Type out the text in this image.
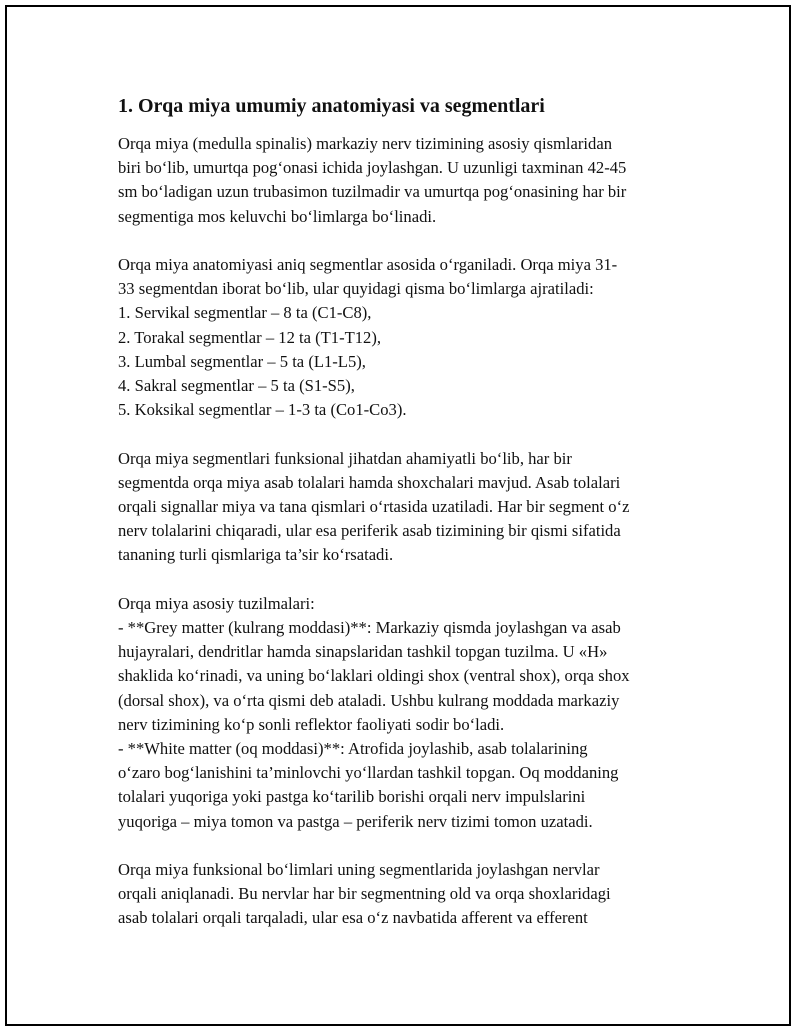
1. Orqa miya umumiy anatomiyasi va segmentlari
Orqa miya (medulla spinalis) markaziy nerv tizimining asosiy qismlaridan
biri bo‘lib, umurtqa pog‘onasi ichida joylashgan. U uzunligi taxminan 42-45
sm bo‘ladigan uzun trubasimon tuzilmadir va umurtqa pog‘onasining har bir
segmentiga mos keluvchi bo‘limlarga bo‘linadi.
Orqa miya anatomiyasi aniq segmentlar asosida o‘rganiladi. Orqa miya 31-
33 segmentdan iborat bo‘lib, ular quyidagi qisma bo‘limlarga ajratiladi:
1. Servikal segmentlar – 8 ta (C1-C8),
2. Torakal segmentlar – 12 ta (T1-T12),
3. Lumbal segmentlar – 5 ta (L1-L5),
4. Sakral segmentlar – 5 ta (S1-S5),
5. Koksikal segmentlar – 1-3 ta (Co1-Co3).
Orqa miya segmentlari funksional jihatdan ahamiyatli bo‘lib, har bir
segmentda orqa miya asab tolalari hamda shoxchalari mavjud. Asab tolalari
orqali signallar miya va tana qismlari o‘rtasida uzatiladi. Har bir segment o‘z
nerv tolalarini chiqaradi, ular esa periferik asab tizimining bir qismi sifatida
tananing turli qismlariga ta’sir ko‘rsatadi.
Orqa miya asosiy tuzilmalari:
- **Grey matter (kulrang moddasi)**: Markaziy qismda joylashgan va asab
hujayralari, dendritlar hamda sinapslaridan tashkil topgan tuzilma. U «H»
shaklida ko‘rinadi, va uning bo‘laklari oldingi shox (ventral shox), orqa shox
(dorsal shox), va o‘rta qismi deb ataladi. Ushbu kulrang moddada markaziy
nerv tizimining ko‘p sonli reflektor faoliyati sodir bo‘ladi.
- **White matter (oq moddasi)**: Atrofida joylashib, asab tolalarining
o‘zaro bog‘lanishini ta’minlovchi yo‘llardan tashkil topgan. Oq moddaning
tolalari yuqoriga yoki pastga ko‘tarilib borishi orqali nerv impulslarini
yuqoriga – miya tomon va pastga – periferik nerv tizimi tomon uzatadi.
Orqa miya funksional bo‘limlari uning segmentlarida joylashgan nervlar
orqali aniqlanadi. Bu nervlar har bir segmentning old va orqa shoxlaridagi
asab tolalari orqali tarqaladi, ular esa o‘z navbatida afferent va efferent
